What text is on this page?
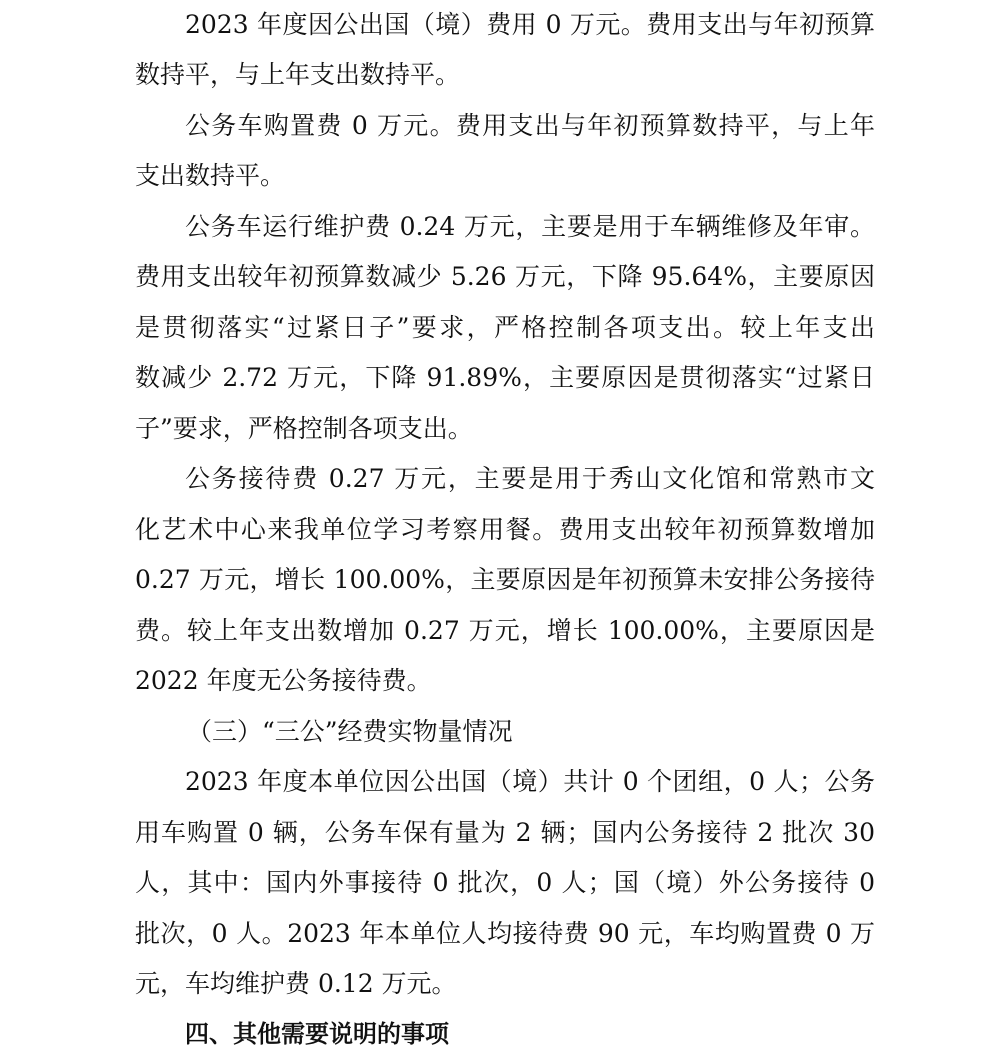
2023 年度因公出国（境）费用 0 万元。费用支出与年初预算
数持平，与上年支出数持平。
公务车购置费 0 万元。费用支出与年初预算数持平，与上年
支出数持平。
公务车运行维护费 0.24 万元，主要是用于车辆维修及年审。
费用支出较年初预算数减少 5.26 万元，下降 95.64%，主要原因
是贯彻落实“过紧日子”要求，严格控制各项支出。较上年支出
数减少 2.72 万元，下降 91.89%，主要原因是贯彻落实“过紧日
子”要求，严格控制各项支出。
公务接待费 0.27 万元，主要是用于秀山文化馆和常熟市文
化艺术中心来我单位学习考察用餐。费用支出较年初预算数增加
0.27 万元，增长 100.00%，主要原因是年初预算未安排公务接待
费。较上年支出数增加 0.27 万元，增长 100.00%，主要原因是
2022 年度无公务接待费。
（三）“三公”经费实物量情况
2023 年度本单位因公出国（境）共计 0 个团组，0 人；公务
用车购置 0 辆，公务车保有量为 2 辆；国内公务接待 2 批次 30
人，其中：国内外事接待 0 批次，0 人；国（境）外公务接待 0
批次，0 人。2023 年本单位人均接待费 90 元，车均购置费 0 万
元，车均维护费 0.12 万元。
四、其他需要说明的事项
